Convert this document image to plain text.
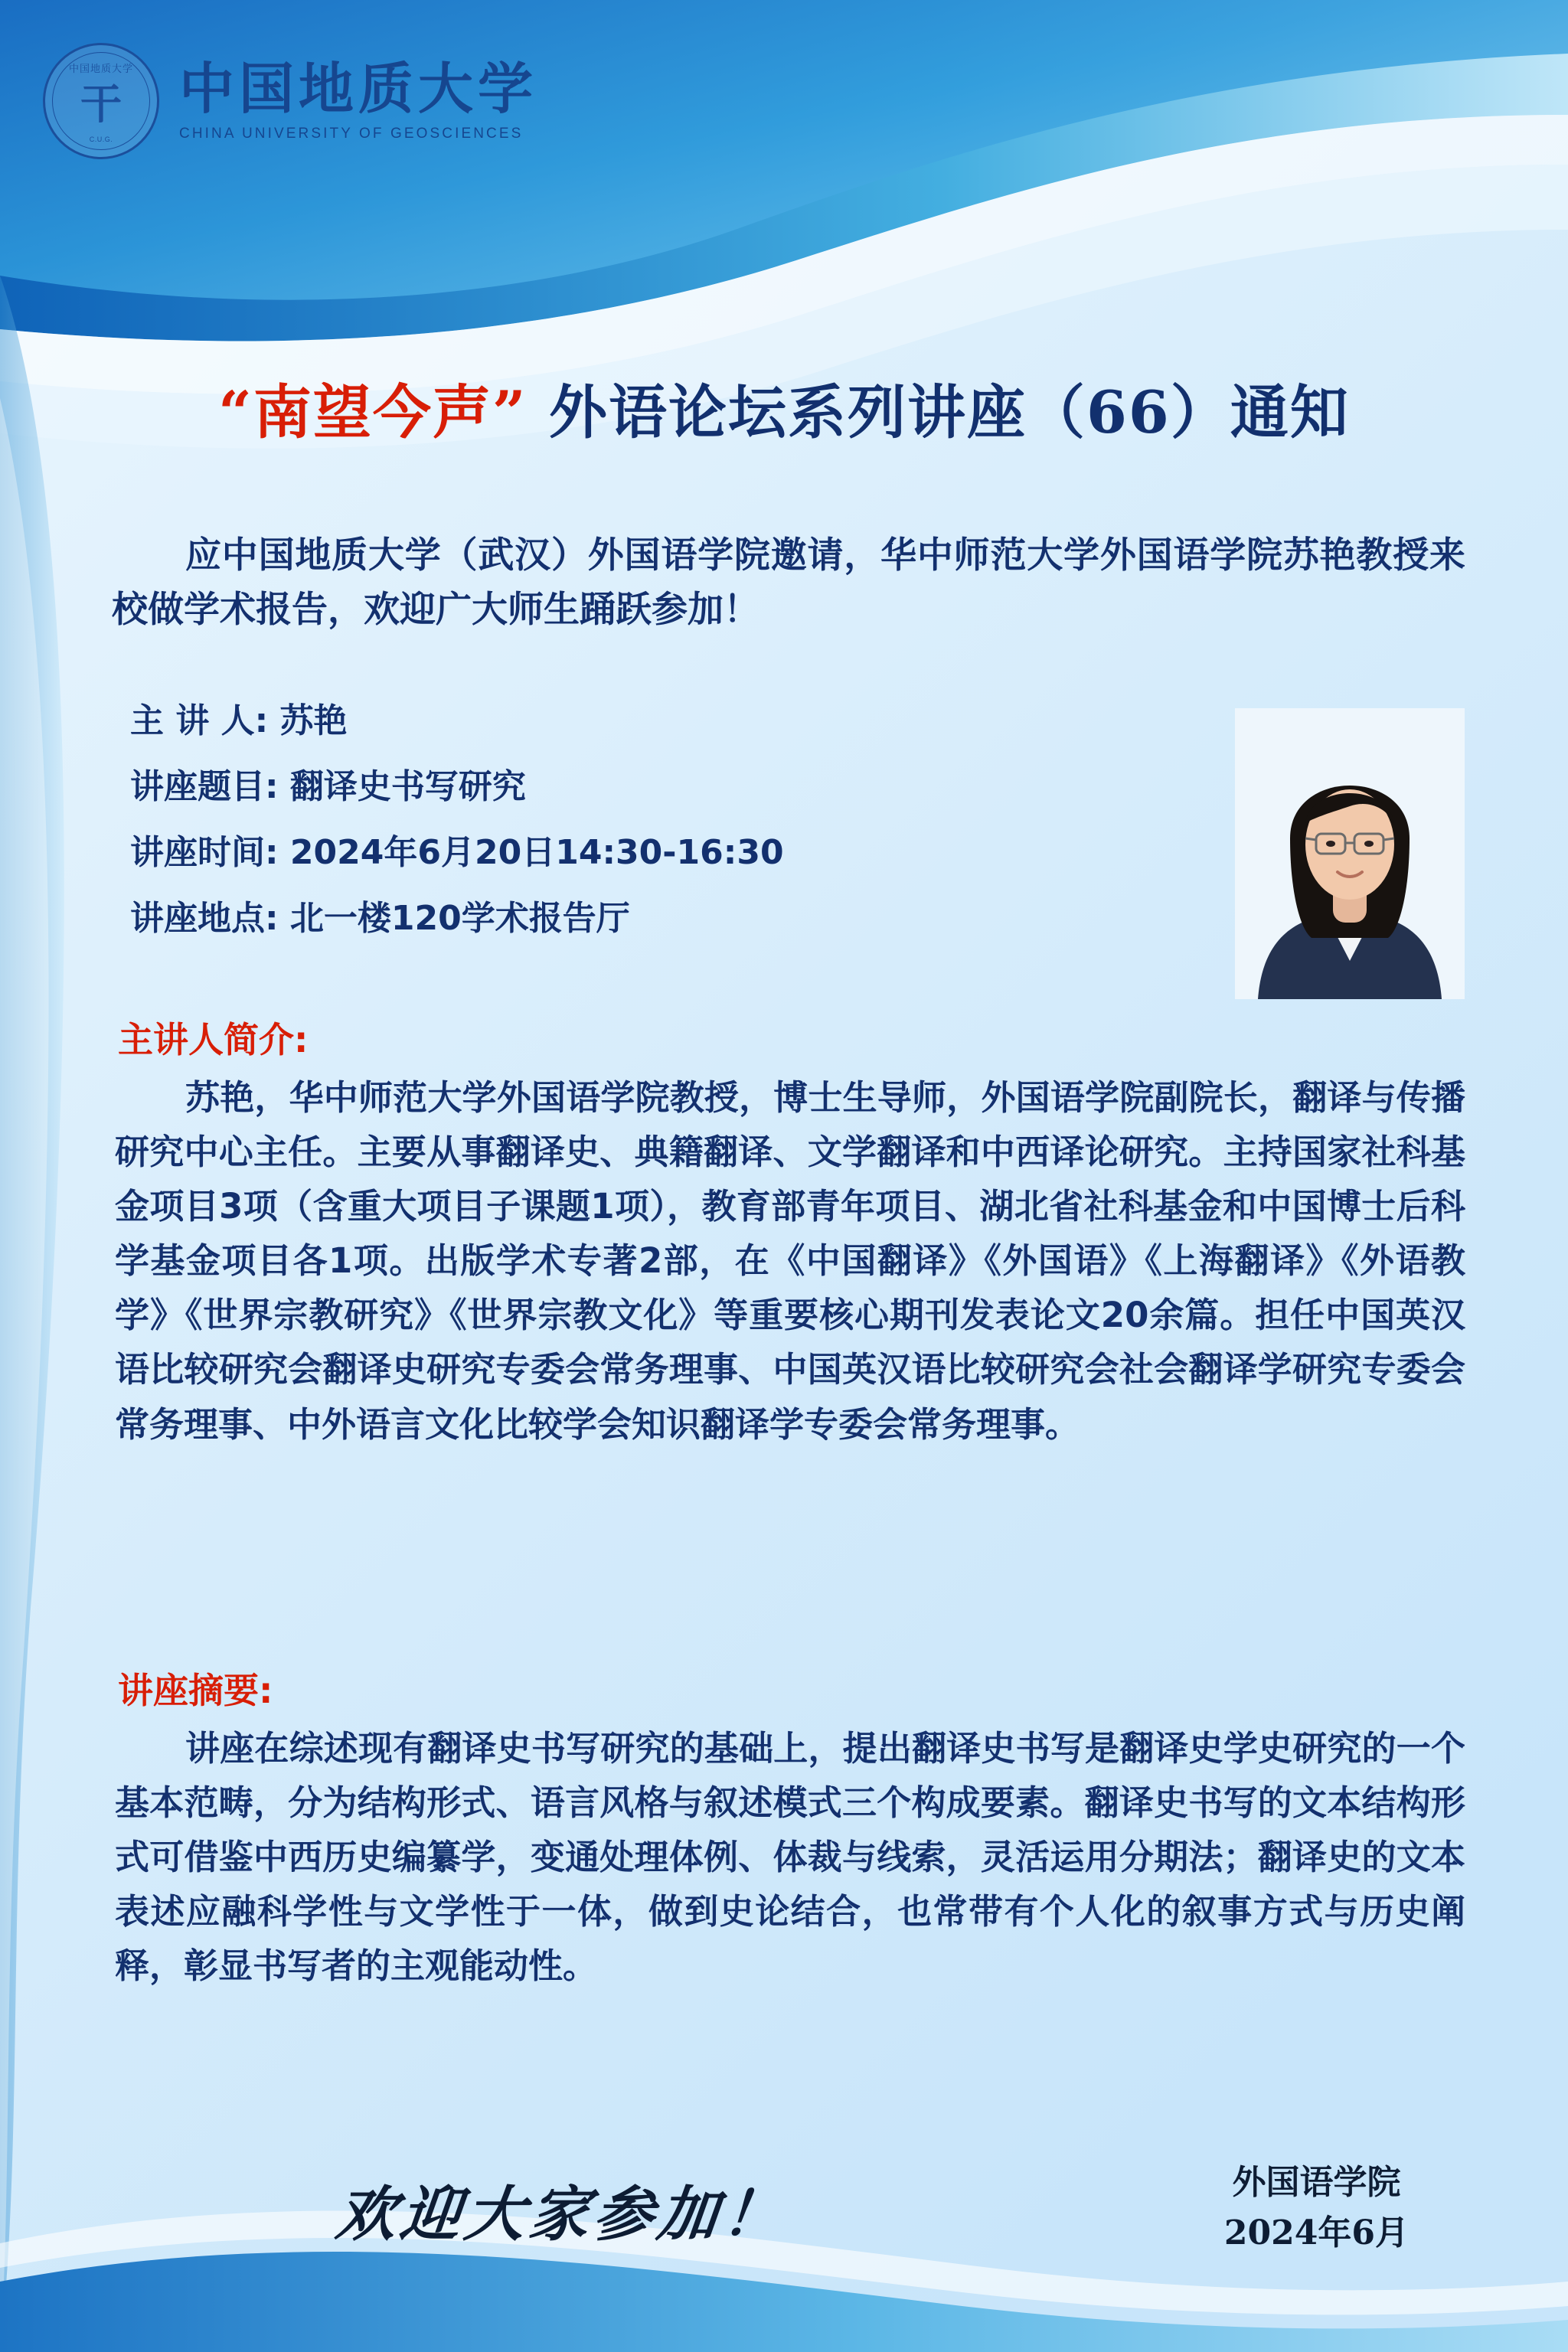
中国地质大学
干
C.U.G.
中国地质大学
CHINA UNIVERSITY OF GEOSCIENCES
“南望今声” 外语论坛系列讲座（66）通知
应中国地质大学（武汉）外国语学院邀请，华中师范大学外国语学院苏艳教授来校做学术报告，欢迎广大师生踊跃参加！
主 讲 人: 苏艳
讲座题目: 翻译史书写研究
讲座时间: 2024年6月20日14:30-16:30
讲座地点: 北一楼120学术报告厅
主讲人简介:
苏艳，华中师范大学外国语学院教授，博士生导师，外国语学院副院长，翻译与传播研究中心主任。主要从事翻译史、典籍翻译、文学翻译和中西译论研究。主持国家社科基金项目3项（含重大项目子课题1项），教育部青年项目、湖北省社科基金和中国博士后科学基金项目各1项。出版学术专著2部，在《中国翻译》《外国语》《上海翻译》《外语教学》《世界宗教研究》《世界宗教文化》等重要核心期刊发表论文20余篇。担任中国英汉语比较研究会翻译史研究专委会常务理事、中国英汉语比较研究会社会翻译学研究专委会常务理事、中外语言文化比较学会知识翻译学专委会常务理事。
讲座摘要:
讲座在综述现有翻译史书写研究的基础上，提出翻译史书写是翻译史学史研究的一个基本范畴，分为结构形式、语言风格与叙述模式三个构成要素。翻译史书写的文本结构形式可借鉴中西历史编纂学，变通处理体例、体裁与线索，灵活运用分期法；翻译史的文本表述应融科学性与文学性于一体，做到史论结合，也常带有个人化的叙事方式与历史阐释，彰显书写者的主观能动性。
欢迎大家参加！	外国语学院
2024年6月
